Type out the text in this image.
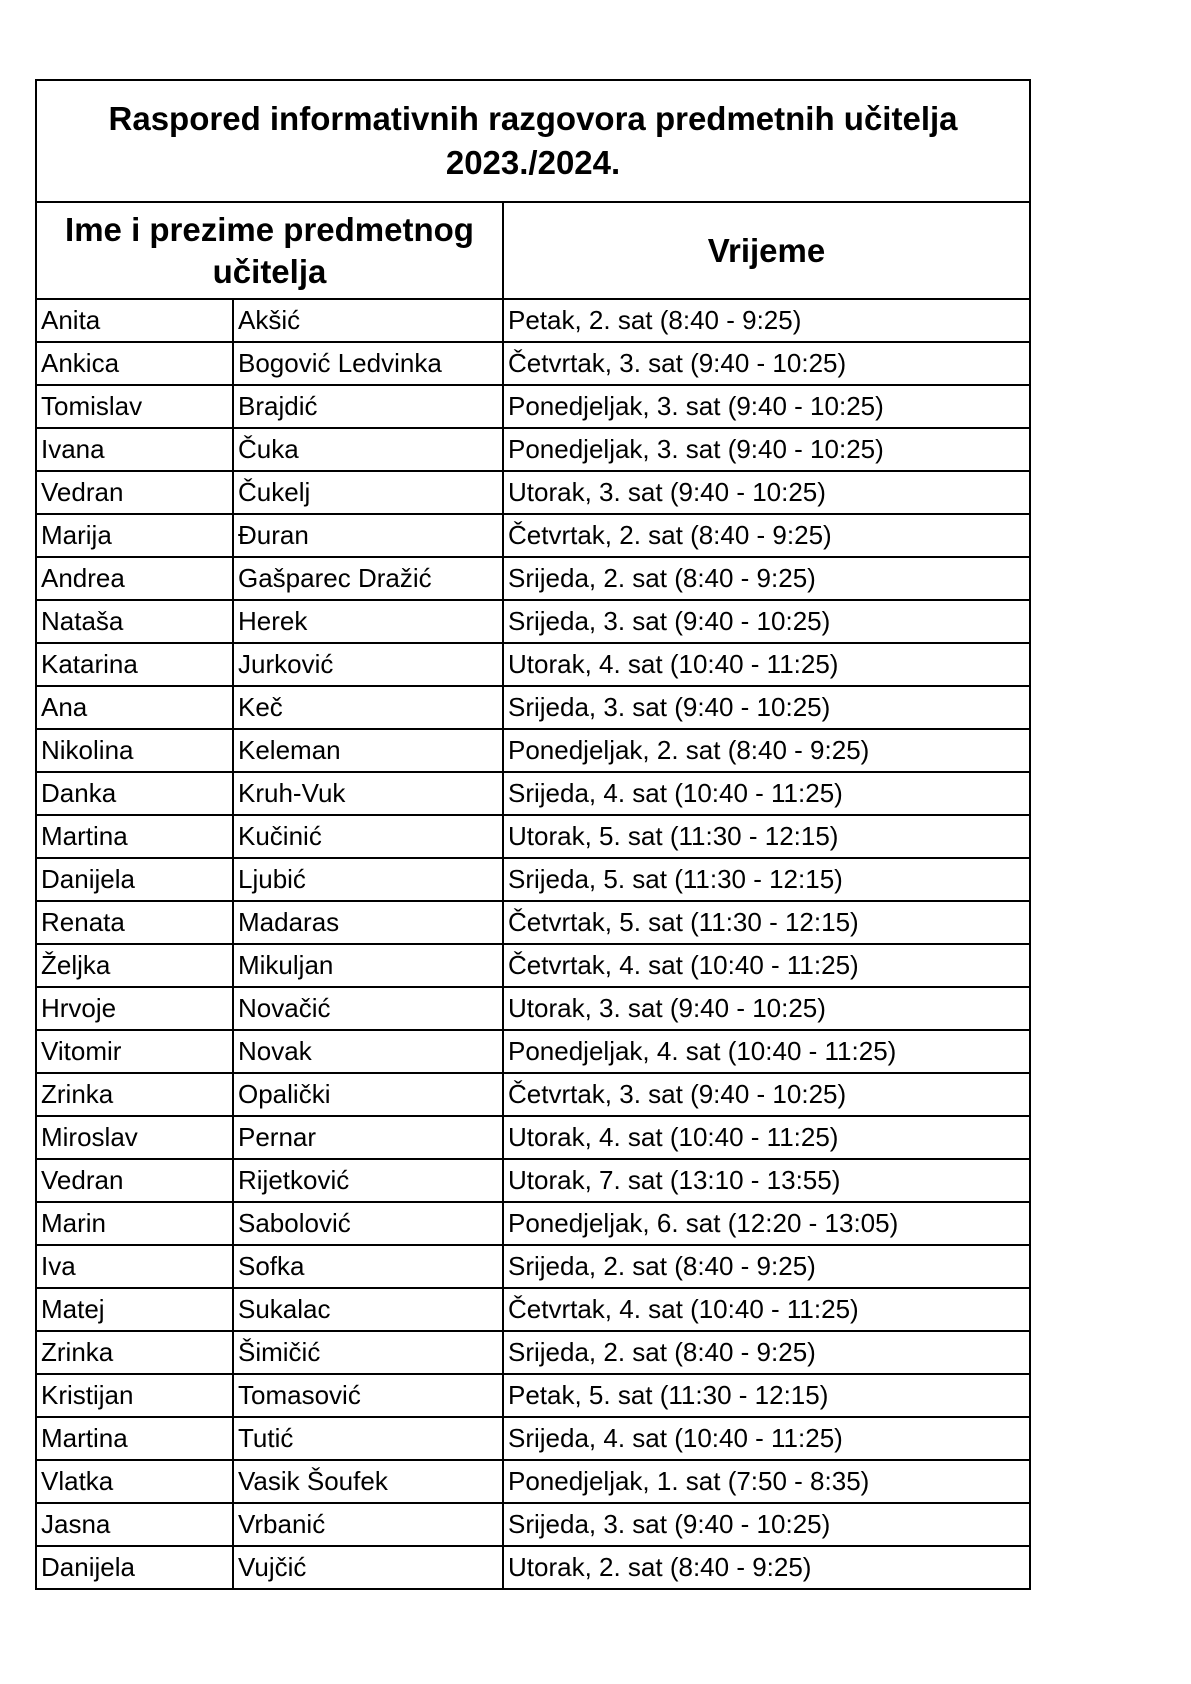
Raspored informativnih razgovora predmetnih učitelja
2023./2024.		

Ime i prezime predmetnog
učitelja		Vrijeme
Anita	Akšić	Petak, 2. sat (8:40 - 9:25)
Ankica	Bogović Ledvinka	Četvrtak, 3. sat (9:40 - 10:25)
Tomislav	Brajdić	Ponedjeljak, 3. sat (9:40 - 10:25)
Ivana	Čuka	Ponedjeljak, 3. sat (9:40 - 10:25)
Vedran	Čukelj	Utorak, 3. sat (9:40 - 10:25)
Marija	Đuran	Četvrtak, 2. sat (8:40 - 9:25)
Andrea	Gašparec Dražić	Srijeda, 2. sat (8:40 - 9:25)
Nataša	Herek	Srijeda, 3. sat (9:40 - 10:25)
Katarina	Jurković	Utorak, 4. sat (10:40 - 11:25)
Ana	Keč	Srijeda, 3. sat (9:40 - 10:25)
Nikolina	Keleman	Ponedjeljak, 2. sat (8:40 - 9:25)
Danka	Kruh-Vuk	Srijeda, 4. sat (10:40 - 11:25)
Martina	Kučinić	Utorak, 5. sat (11:30 - 12:15)
Danijela	Ljubić	Srijeda, 5. sat (11:30 - 12:15)
Renata	Madaras	Četvrtak, 5. sat (11:30 - 12:15)
Željka	Mikuljan	Četvrtak, 4. sat (10:40 - 11:25)
Hrvoje	Novačić	Utorak, 3. sat (9:40 - 10:25)
Vitomir	Novak	Ponedjeljak, 4. sat (10:40 - 11:25)
Zrinka	Opalički	Četvrtak, 3. sat (9:40 - 10:25)
Miroslav	Pernar	Utorak, 4. sat (10:40 - 11:25)
Vedran	Rijetković	Utorak, 7. sat (13:10 - 13:55)
Marin	Sabolović	Ponedjeljak, 6. sat (12:20 - 13:05)
Iva	Sofka	Srijeda, 2. sat (8:40 - 9:25)
Matej	Sukalac	Četvrtak, 4. sat (10:40 - 11:25)
Zrinka	Šimičić	Srijeda, 2. sat (8:40 - 9:25)
Kristijan	Tomasović	Petak, 5. sat (11:30 - 12:15)
Martina	Tutić	Srijeda, 4. sat (10:40 - 11:25)
Vlatka	Vasik Šoufek	Ponedjeljak, 1. sat (7:50 - 8:35)
Jasna	Vrbanić	Srijeda, 3. sat (9:40 - 10:25)
Danijela	Vujčić	Utorak, 2. sat (8:40 - 9:25)
